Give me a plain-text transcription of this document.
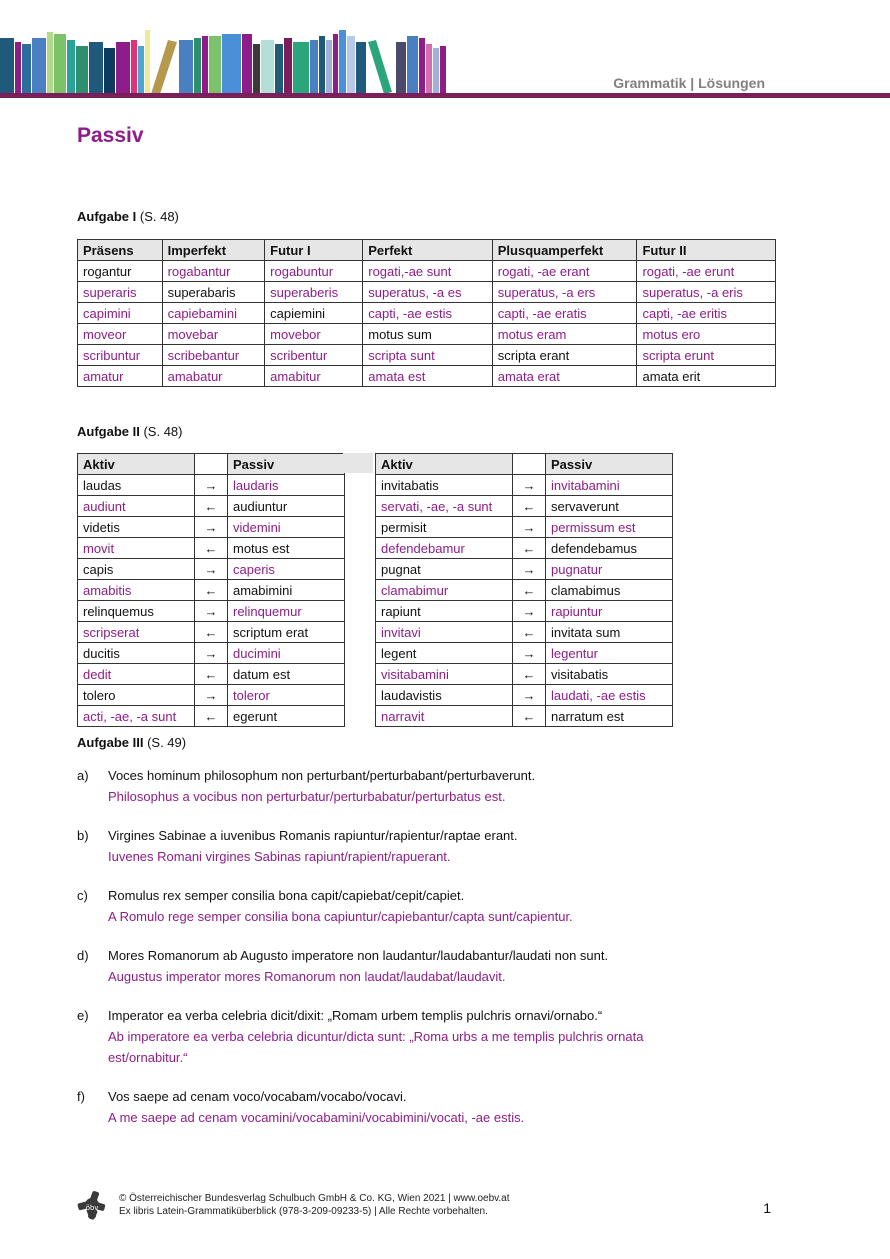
Grammatik | Lösungen
Passiv
Aufgabe I (S. 48)
Präsens	Imperfekt	Futur I	Perfekt	Plusquamperfekt	Futur II
rogantur	rogabantur	rogabuntur	rogati,-ae sunt	rogati, -ae erant	rogati, -ae erunt
superaris	superabaris	superaberis	superatus, -a es	superatus, -a ers	superatus, -a eris
capimini	capiebamini	capiemini	capti, -ae estis	capti, -ae eratis	capti, -ae eritis
moveor	movebar	movebor	motus sum	motus eram	motus ero
scribuntur	scribebantur	scribentur	scripta sunt	scripta erant	scripta erunt
amatur	amabatur	amabitur	amata est	amata erat	amata erit
Aufgabe II (S. 48)
Aktiv		Passiv
laudas	→	laudaris
audiunt	←	audiuntur
videtis	→	videmini
movit	←	motus est
capis	→	caperis
amabitis	←	amabimini
relinquemus	→	relinquemur
scripserat	←	scriptum erat
ducitis	→	ducimini
dedit	←	datum est
tolero	→	toleror
acti, -ae, -a sunt	←	egerunt
Aktiv		Passiv
invitabatis	→	invitabamini
servati, -ae, -a sunt	←	servaverunt
permisit	→	permissum est
defendebamur	←	defendebamus
pugnat	→	pugnatur
clamabimur	←	clamabimus
rapiunt	→	rapiuntur
invitavi	←	invitata sum
legent	→	legentur
visitabamini	←	visitabatis
laudavistis	→	laudati, -ae estis
narravit	←	narratum est
Aufgabe III (S. 49)
a) Voces hominum philosophum non perturbant/perturbabant/perturbaverunt.
Philosophus a vocibus non perturbatur/perturbabatur/perturbatus est.
b) Virgines Sabinae a iuvenibus Romanis rapiuntur/rapientur/raptae erant.
Iuvenes Romani virgines Sabinas rapiunt/rapient/rapuerant.
c) Romulus rex semper consilia bona capit/capiebat/cepit/capiet.
A Romulo rege semper consilia bona capiuntur/capiebantur/capta sunt/capientur.
d) Mores Romanorum ab Augusto imperatore non laudantur/laudabantur/laudati non sunt.
Augustus imperator mores Romanorum non laudat/laudabat/laudavit.
e) Imperator ea verba celebria dicit/dixit: „Romam urbem templis pulchris ornavi/ornabo.“
Ab imperatore ea verba celebria dicuntur/dicta sunt: „Roma urbs a me templis pulchris ornata est/ornabitur.“
f) Vos saepe ad cenam voco/vocabam/vocabo/vocavi.
A me saepe ad cenam vocamini/vocabamini/vocabimini/vocati, -ae estis.
öbv
© Österreichischer Bundesverlag Schulbuch GmbH & Co. KG, Wien 2021 | www.oebv.at
Ex libris Latein-Grammatiküberblick (978-3-209-09233-5) | Alle Rechte vorbehalten.	1
